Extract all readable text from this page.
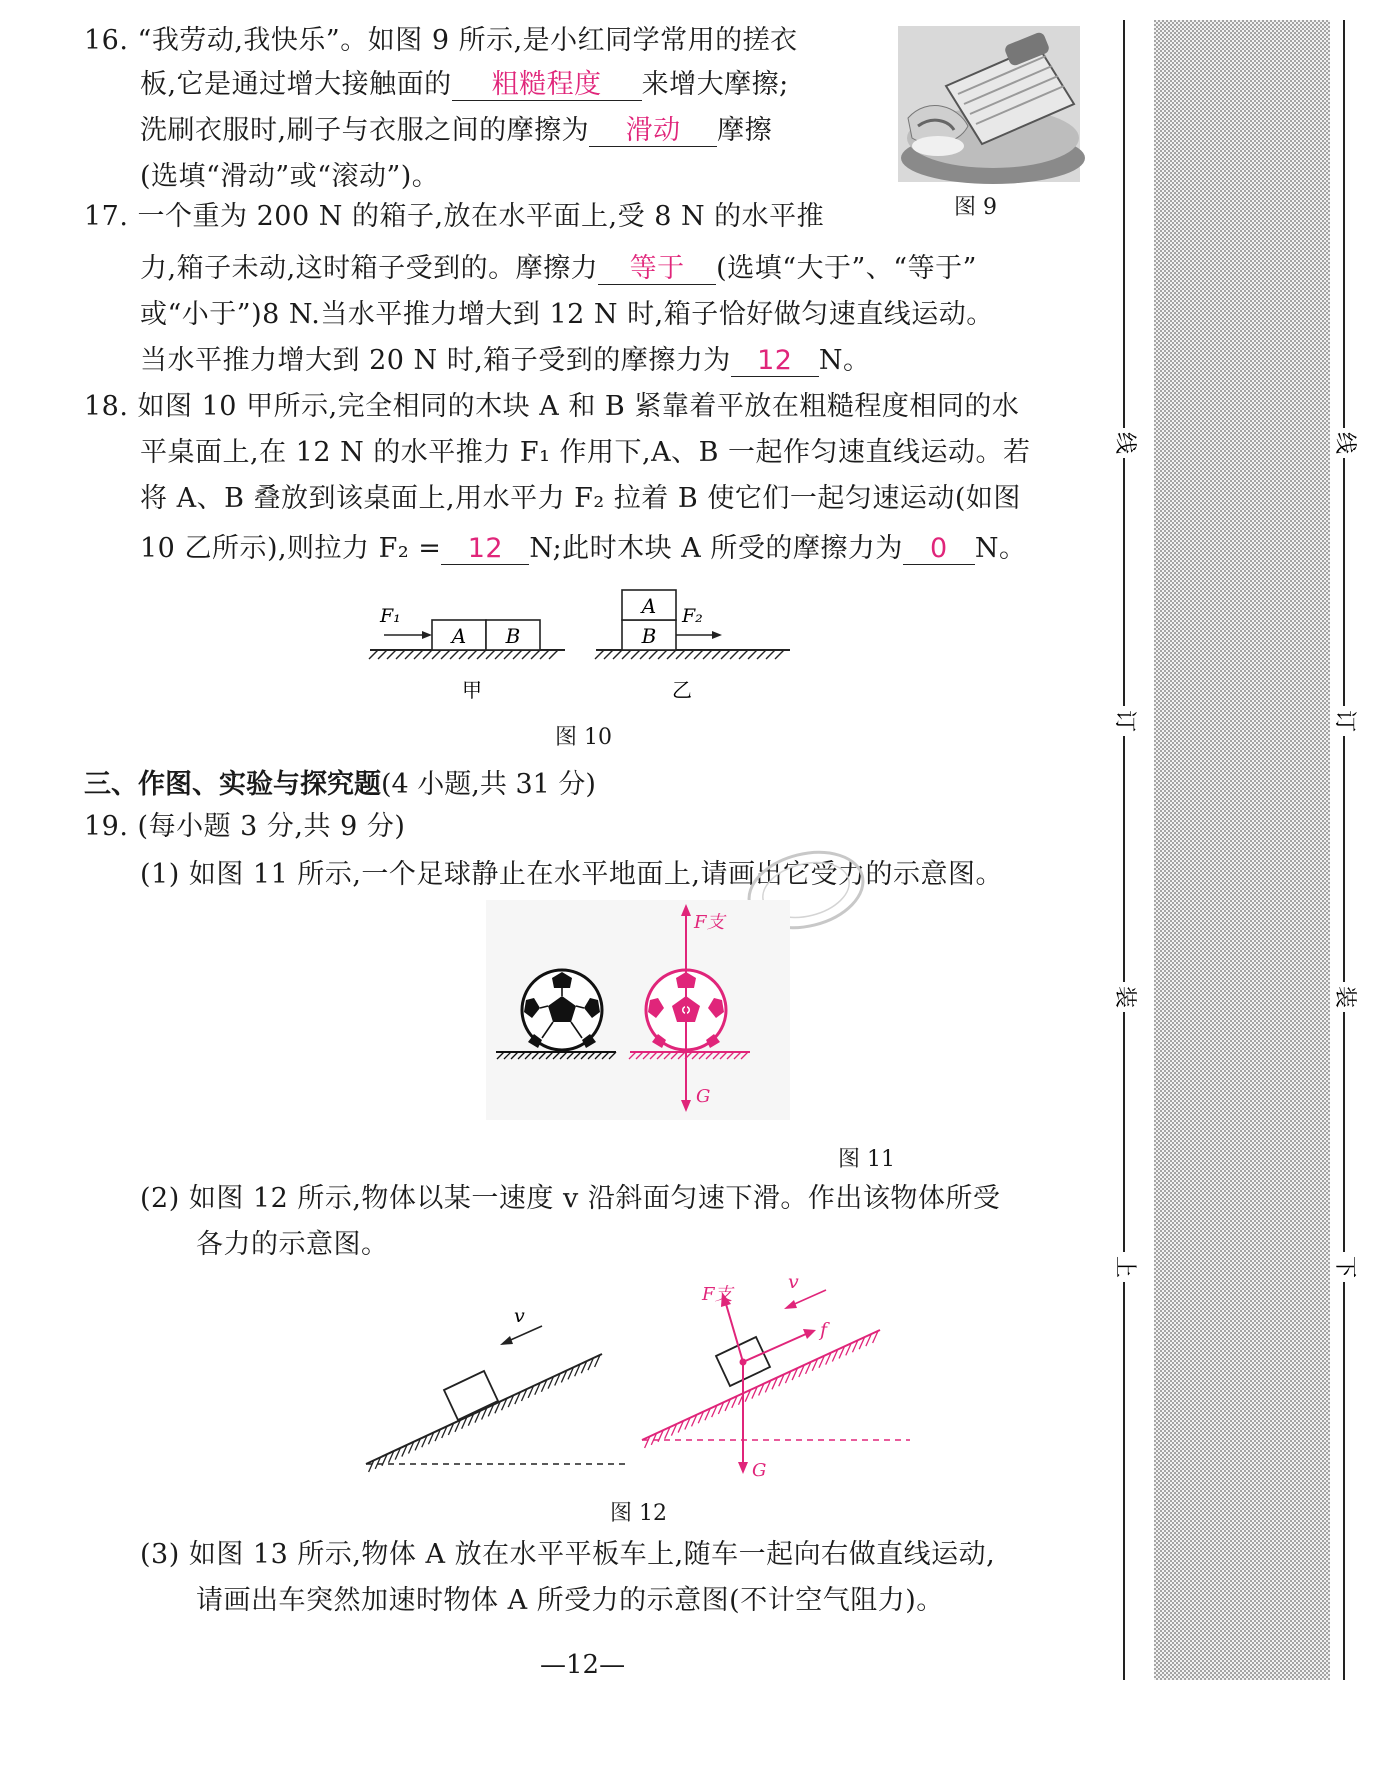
16. “我劳动,我快乐”。如图 9 所示,是小红同学常用的搓衣
板,它是通过增大接触面的 粗糙程度 来增大摩擦;
洗刷衣服时,刷子与衣服之间的摩擦为 滑动 摩擦
(选填“滑动”或“滚动”)。
图 9
17. 一个重为 200 N 的箱子,放在水平面上,受 8 N 的水平推
力,箱子未动,这时箱子受到的。摩擦力 等于 (选填“大于”、“等于”
或“小于”)8 N.当水平推力增大到 12 N 时,箱子恰好做匀速直线运动。
当水平推力增大到 20 N 时,箱子受到的摩擦力为 12 N。
18. 如图 10 甲所示,完全相同的木块 A 和 B 紧靠着平放在粗糙程度相同的水
平桌面上,在 12 N 的水平推力 F₁ 作用下,A、B 一起作匀速直线运动。若
将 A、B 叠放到该桌面上,用水平力 F₂ 拉着 B 使它们一起匀速运动(如图
10 乙所示),则拉力 F₂ = 12 N;此时木块 A 所受的摩擦力为 0 N。
A B
F₁
甲
A
B
F₂
乙
图 10
三、作图、实验与探究题(4 小题,共 31 分)
19. (每小题 3 分,共 9 分)
(1) 如图 11 所示,一个足球静止在水平地面上,请画出它受力的示意图。
F支
G
图 11
(2) 如图 12 所示,物体以某一速度 v 沿斜面匀速下滑。作出该物体所受
各力的示意图。
v
F支
f
G
v
图 12
(3) 如图 13 所示,物体 A 放在水平平板车上,随车一起向右做直线运动,
请画出车突然加速时物体 A 所受力的示意图(不计空气阻力)。
—12—
线
订
装
上
线
订
装
下
